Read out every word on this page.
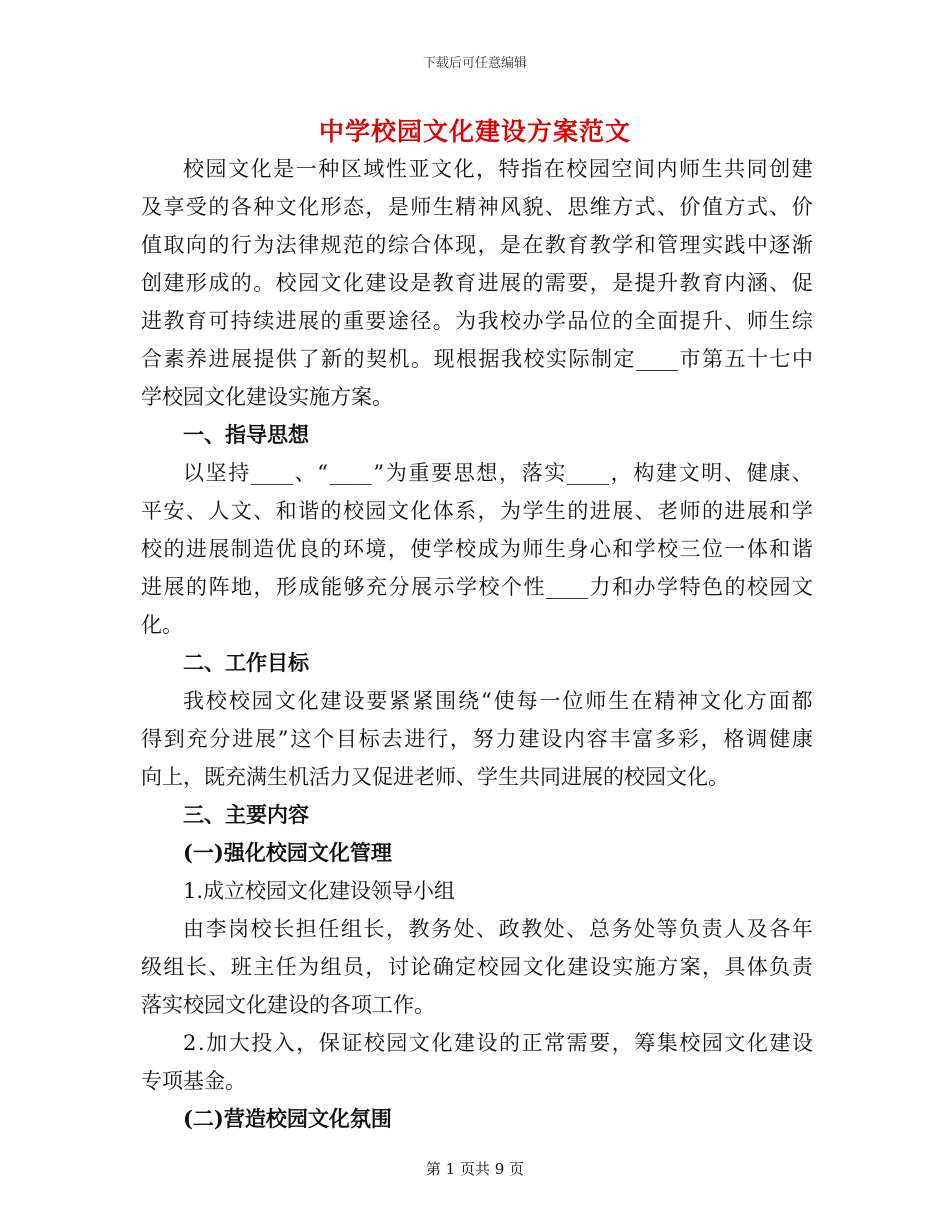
下载后可任意编辑
中学校园文化建设方案范文
校 园 文 化 是 一 种 区 域 性 亚 文 化 ， 特 指 在 校 园 空 间 内 师 生 共 同 创 建
及 享 受 的 各 种 文 化 形 态 ， 是 师 生 精 神 风 貌 、 思 维 方 式 、 价 值 方 式 、 价
值 取 向 的 行 为 法 律 规 范 的 综 合 体 现 ， 是 在 教 育 教 学 和 管 理 实 践 中 逐 渐
创 建 形 成 的 。 校 园 文 化 建 设 是 教 育 进 展 的 需 要 ， 是 提 升 教 育 内 涵 、 促
进 教 育 可 持 续 进 展 的 重 要 途 径 。 为 我 校 办 学 品 位 的 全 面 提 升 、 师 生 综
合 素 养 进 展 提 供 了 新 的 契 机 。 现 根 据 我 校 实 际 制 定 ____ 市 第 五 十 七 中
学校园文化建设实施方案。
一、指导思想
以 坚 持 ____ 、 “ ____ ” 为 重 要 思 想 ， 落 实 ____ ， 构 建 文 明 、 健 康 、
平 安 、 人 文 、 和 谐 的 校 园 文 化 体 系 ， 为 学 生 的 进 展 、 老 师 的 进 展 和 学
校 的 进 展 制 造 优 良 的 环 境 ， 使 学 校 成 为 师 生 身 心 和 学 校 三 位 一 体 和 谐
进 展 的 阵 地 ， 形 成 能 够 充 分 展 示 学 校 个 性 ____ 力 和 办 学 特 色 的 校 园 文
化。
二、工作目标
我 校 校 园 文 化 建 设 要 紧 紧 围 绕 “ 使 每 一 位 师 生 在 精 神 文 化 方 面 都
得 到 充 分 进 展 ” 这 个 目 标 去 进 行 ， 努 力 建 设 内 容 丰 富 多 彩 ， 格 调 健 康
向上，既充满生机活力又促进老师、学生共同进展的校园文化。
三、主要内容
(一)强化校园文化管理
1.成立校园文化建设领导小组
由 李 岗 校 长 担 任 组 长 ， 教 务 处 、 政 教 处 、 总 务 处 等 负 责 人 及 各 年
级 组 长 、 班 主 任 为 组 员 ， 讨 论 确 定 校 园 文 化 建 设 实 施 方 案 ， 具 体 负 责
落实校园文化建设的各项工作。
2 . 加 大 投 入 ， 保 证 校 园 文 化 建 设 的 正 常 需 要 ， 筹 集 校 园 文 化 建 设
专项基金。
(二)营造校园文化氛围
第 1 页共 9 页
